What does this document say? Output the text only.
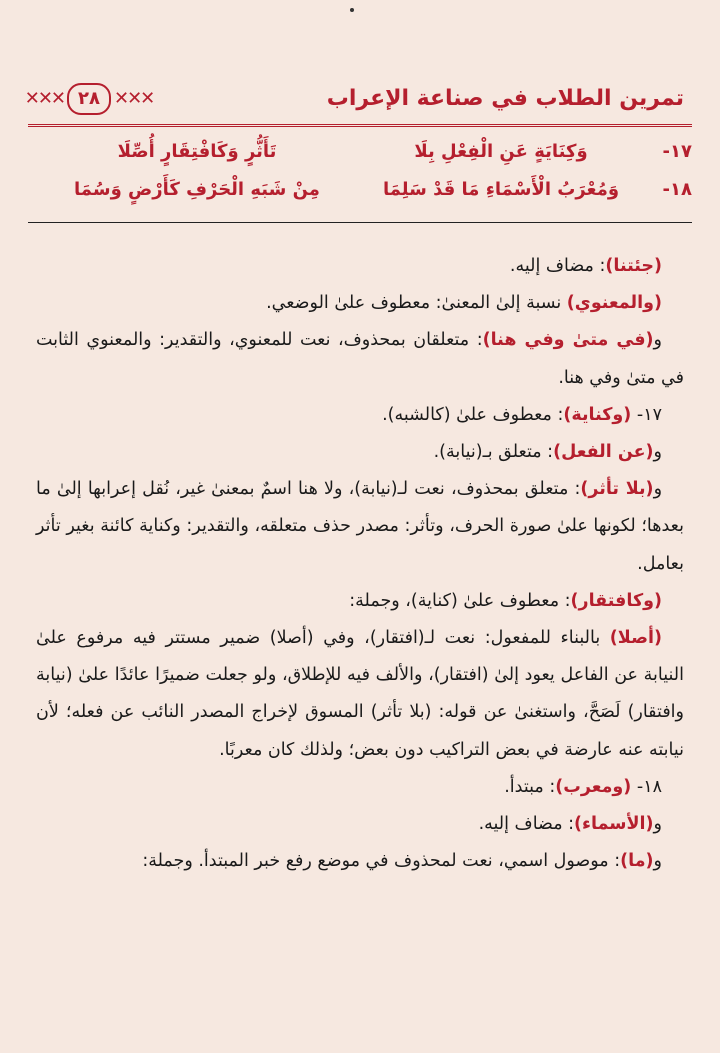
تمرين الطلاب في صناعة الإعراب
✕✕✕ ٢٨ ✕✕✕
١٧-
وَكِنَايَةٍ عَنِ الْفِعْلِ بِلَا
تَأَثُّرٍ وَكَافْتِقَارٍ أُصِّلَا
١٨-
وَمُعْرَبُ الْأَسْمَاءِ مَا قَدْ سَلِمَا
مِنْ شَبَهِ الْحَرْفِ كَأَرْضٍ وَسُمَا

(جئتنا): مضاف إليه.

(والمعنوي) نسبة إلىٰ المعنىٰ: معطوف علىٰ الوضعي.

و(في متىٰ وفي هنا): متعلقان بمحذوف، نعت للمعنوي، والتقدير: والمعنوي الثابت في متىٰ وفي هنا.

١٧- (وكناية): معطوف علىٰ (كالشبه).

و(عن الفعل): متعلق بـ(نيابة).

و(بلا تأثر): متعلق بمحذوف، نعت لـ(نيابة)، ولا هنا اسمٌ بمعنىٰ غير، نُقل إعرابها إلىٰ ما بعدها؛ لكونها علىٰ صورة الحرف، وتأثر: مصدر حذف متعلقه، والتقدير: وكناية كائنة بغير تأثر بعامل.

(وكافتقار): معطوف علىٰ (كناية)، وجملة:

(أصلا) بالبناء للمفعول: نعت لـ(افتقار)، وفي (أصلا) ضمير مستتر فيه مرفوع علىٰ النيابة عن الفاعل يعود إلىٰ (افتقار)، والألف فيه للإطلاق، ولو جعلت ضميرًا عائدًا علىٰ (نيابة وافتقار) لَصَحَّ، واستغنىٰ عن قوله: (بلا تأثر) المسوق لإخراج المصدر النائب عن فعله؛ لأن نيابته عنه عارضة في بعض التراكيب دون بعض؛ ولذلك كان معربًا.

١٨- (ومعرب): مبتدأ.

و(الأسماء): مضاف إليه.

و(ما): موصول اسمي، نعت لمحذوف في موضع رفع خبر المبتدأ. وجملة:
